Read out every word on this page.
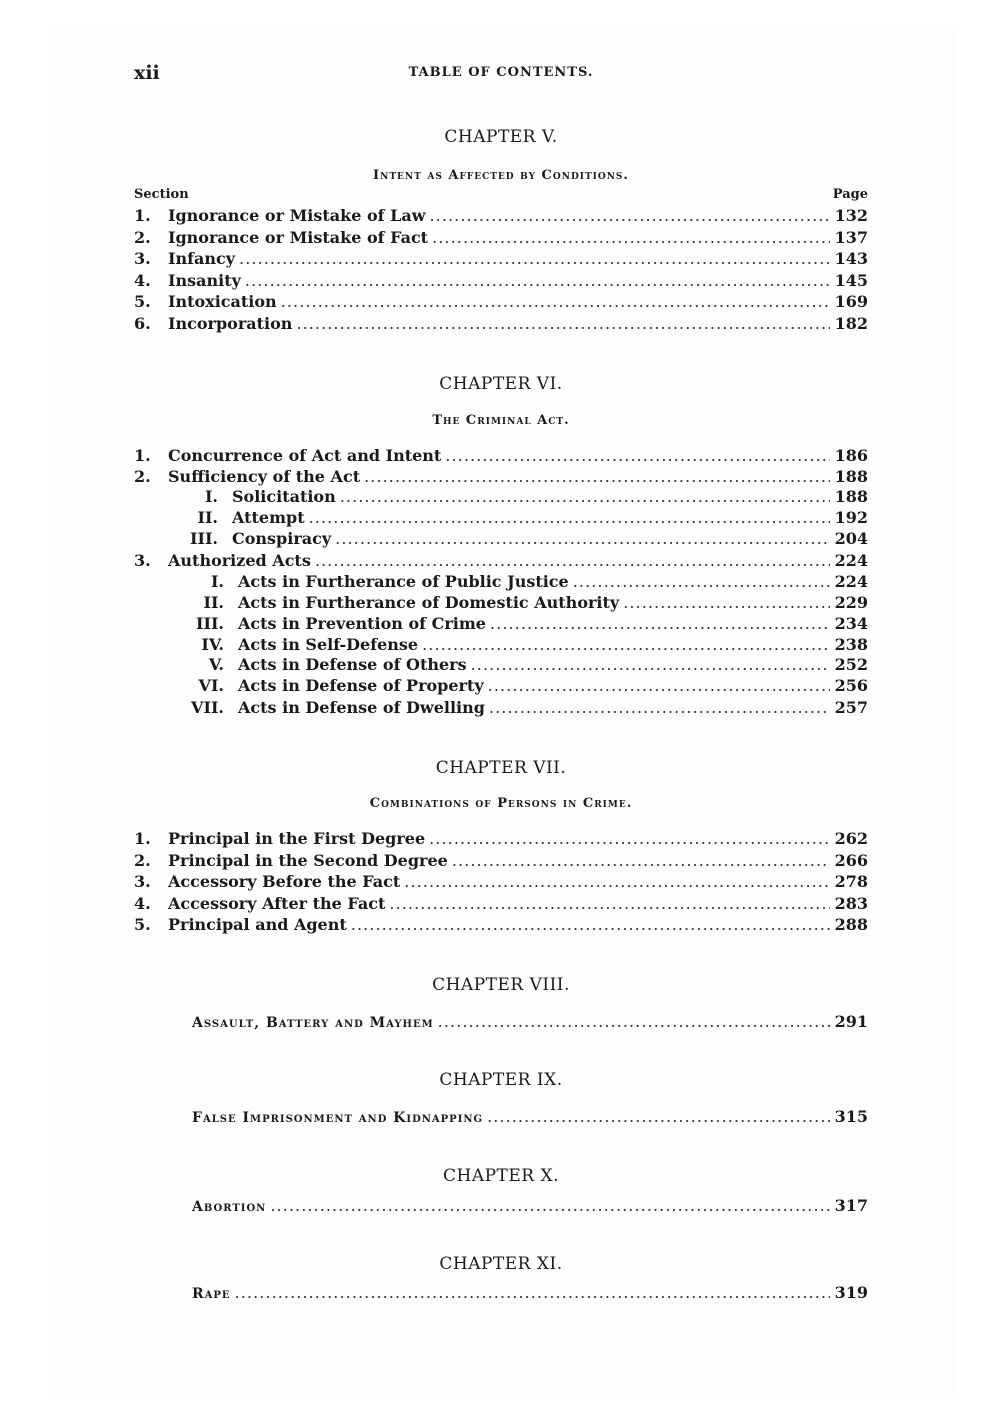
xii	TABLE OF CONTENTS.
CHAPTER V.
Intent as Affected by Conditions.
Section	Page
1.	Ignorance or Mistake of Law . . .	132
2.	Ignorance or Mistake of Fact . . .	137
3.	Infancy . . .	143
4.	Insanity . . .	145
5.	Intoxication . . .	169
6.	Incorporation . . .	182
CHAPTER VI.
The Criminal Act.
1.	Concurrence of Act and Intent . . .	186
2.	Sufficiency of the Act . . .	188
I. Solicitation . . .	188
II. Attempt . . .	192
III. Conspiracy . . .	204
3.	Authorized Acts . . .	224
I. Acts in Furtherance of Public Justice . . .	224
II. Acts in Furtherance of Domestic Authority . . .	229
III. Acts in Prevention of Crime . . .	234
IV. Acts in Self-Defense . . .	238
V. Acts in Defense of Others . . .	252
VI. Acts in Defense of Property . . .	256
VII. Acts in Defense of Dwelling . . .	257
CHAPTER VII.
Combinations of Persons in Crime.
1.	Principal in the First Degree . . .	262
2.	Principal in the Second Degree . . .	266
3.	Accessory Before the Fact . . .	278
4.	Accessory After the Fact . . .	283
5.	Principal and Agent . . .	288
CHAPTER VIII.
Assault, Battery and Mayhem . . .	291
CHAPTER IX.
False Imprisonment and Kidnapping . . .	315
CHAPTER X.
Abortion . . .	317
CHAPTER XI.
Rape . . .	319
